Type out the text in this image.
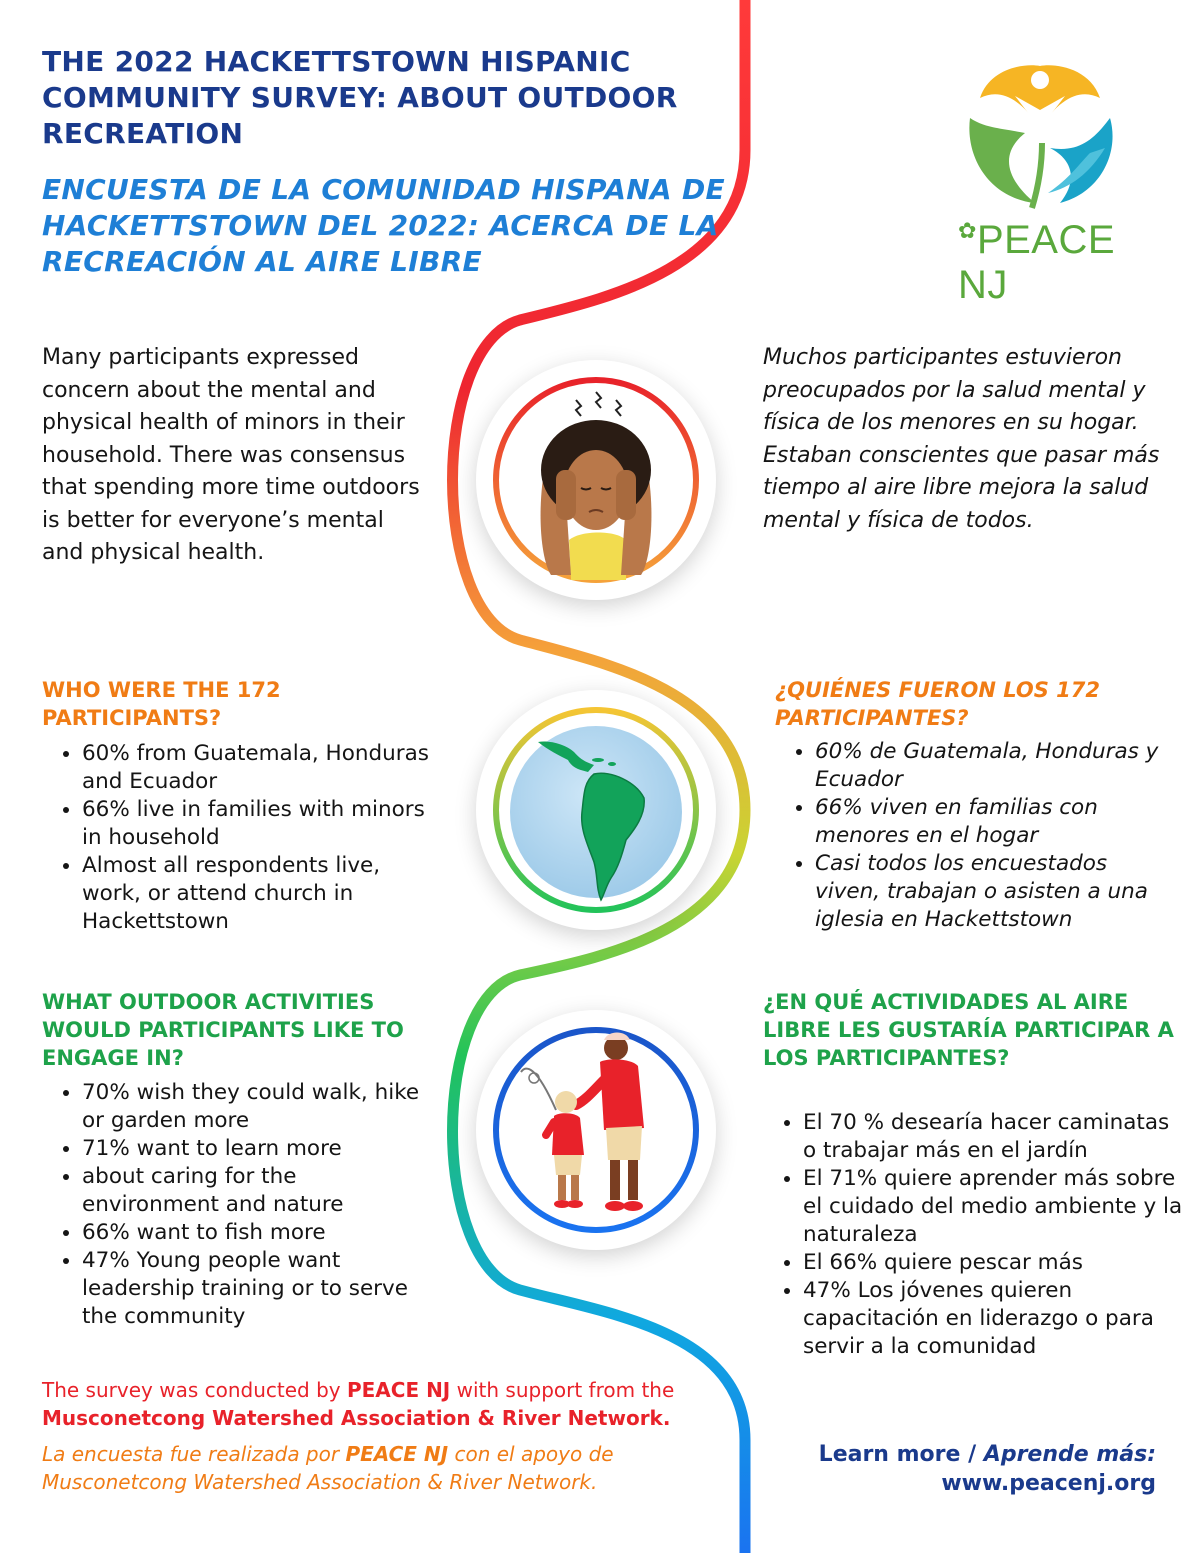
THE 2022 HACKETTSTOWN HISPANIC COMMUNITY SURVEY: ABOUT OUTDOOR RECREATION
ENCUESTA DE LA COMUNIDAD HISPANA DE HACKETTSTOWN DEL 2022: ACERCA DE LA RECREACIÓN AL AIRE LIBRE
✿PEACE NJ
Many participants expressed concern about the mental and physical health of minors in their household. There was consensus that spending more time outdoors is better for everyone’s mental and physical health.
Muchos participantes estuvieron preocupados por la salud mental y física de los menores en su hogar. Estaban conscientes que pasar más tiempo al aire libre mejora la salud mental y física de todos.
WHO WERE THE 172 PARTICIPANTS?
• 60% from Guatemala, Honduras and Ecuador
• 66% live in families with minors in household
• Almost all respondents live, work, or attend church in Hackettstown
¿QUIÉNES FUERON LOS 172 PARTICIPANTES?
• 60% de Guatemala, Honduras y Ecuador
• 66% viven en familias con menores en el hogar
• Casi todos los encuestados viven, trabajan o asisten a una iglesia en Hackettstown
WHAT OUTDOOR ACTIVITIES WOULD PARTICIPANTS LIKE TO ENGAGE IN?
• 70% wish they could walk, hike or garden more
• 71% want to learn more
• about caring for the environment and nature
• 66% want to fish more
• 47% Young people want leadership training or to serve the community
¿EN QUÉ ACTIVIDADES AL AIRE LIBRE LES GUSTARÍA PARTICIPAR A LOS PARTICIPANTES?
• El 70 % desearía hacer caminatas o trabajar más en el jardín
• El 71% quiere aprender más sobre el cuidado del medio ambiente y la naturaleza
• El 66% quiere pescar más
• 47% Los jóvenes quieren capacitación en liderazgo o para servir a la comunidad
The survey was conducted by PEACE NJ with support from the
Musconetcong Watershed Association & River Network.
La encuesta fue realizada por PEACE NJ con el apoyo de
Musconetcong Watershed Association & River Network.
Learn more / Aprende más:
www.peacenj.org
